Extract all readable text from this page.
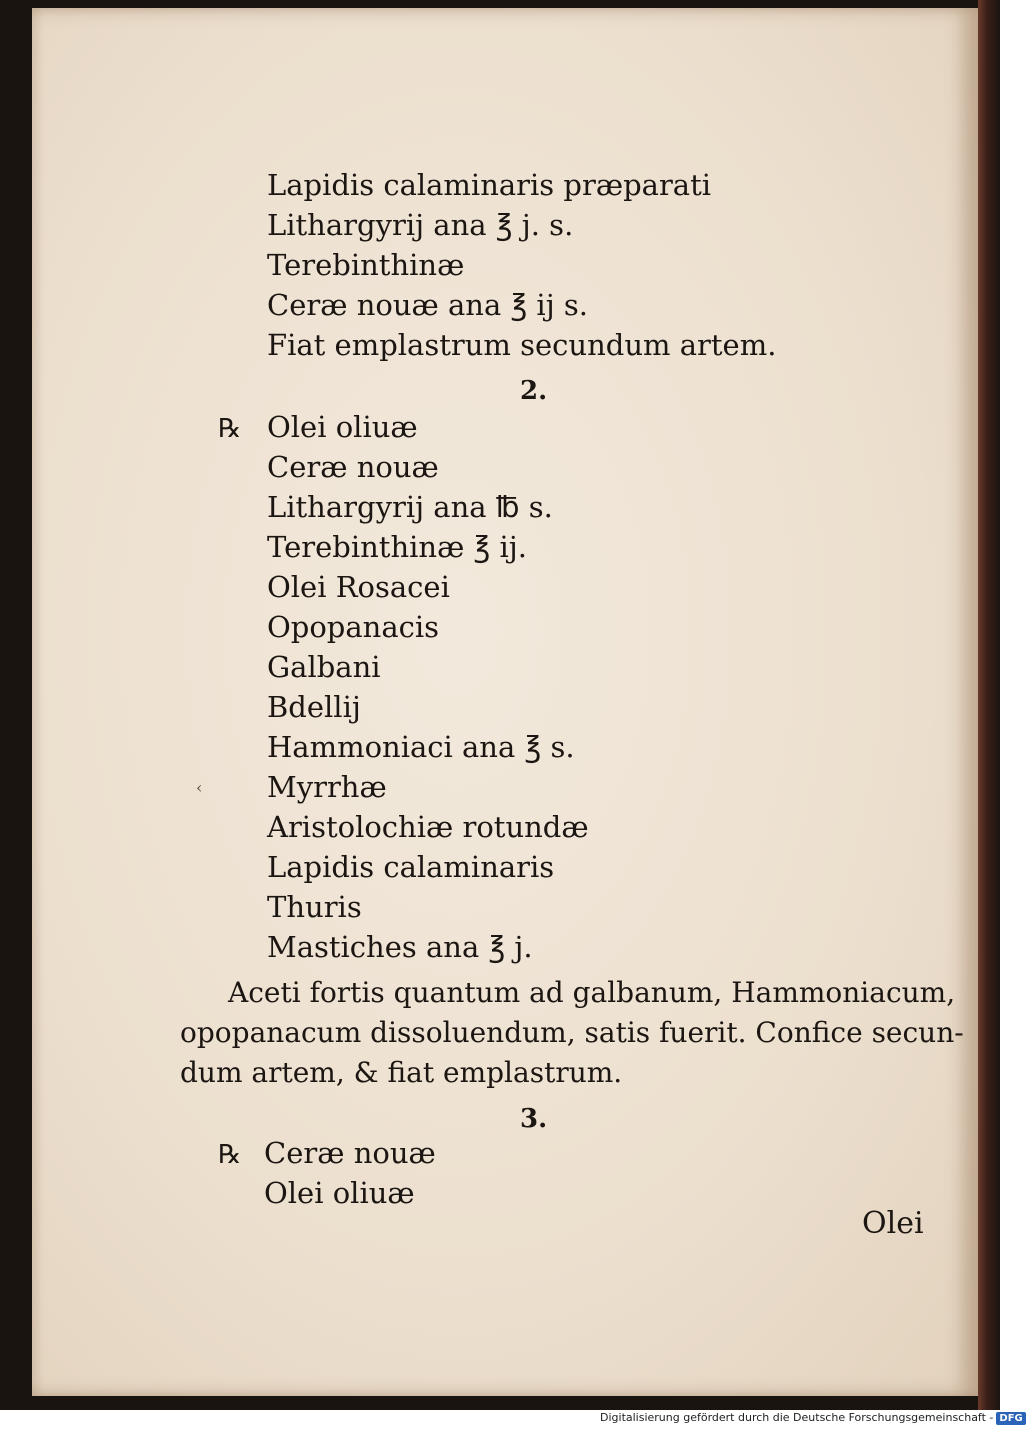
Lapidis calaminaris præparati
Lithargyrij ana ℥ j. s.
Terebinthinæ
Ceræ nouæ ana ℥ ij s.
Fiat emplastrum secundum artem.
2.
℞ Olei oliuæ
Ceræ nouæ
Lithargyrij ana ℔ s.
Terebinthinæ ℥ ij.
Olei Rosacei
Opopanacis
Galbani
Bdellij
Hammoniaci ana ℥ s.
‹ Myrrhæ
Aristolochiæ rotundæ
Lapidis calaminaris
Thuris
Mastiches ana ℥ j.
Aceti fortis quantum ad galbanum, Hammoniacum,
opopanacum dissoluendum, satis fuerit. Confice secun-
dum artem, & fiat emplastrum.
3.
℞ Ceræ nouæ
Olei oliuæ
Olei
Digitalisierung gefördert durch die Deutsche Forschungsgemeinschaft - DFG
